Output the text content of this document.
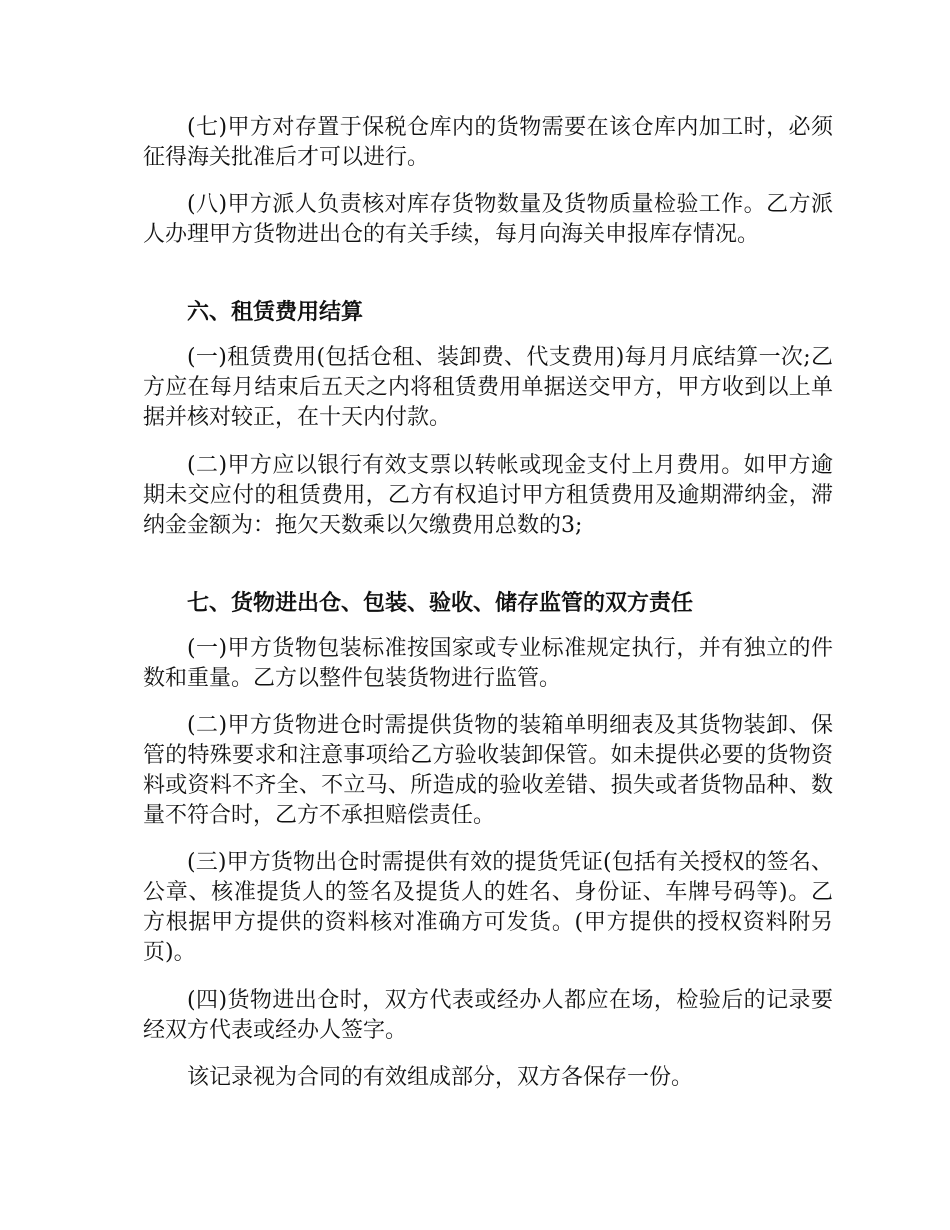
(七)甲方对存置于保税仓库内的货物需要在该仓库内加工时，必须征得海关批准后才可以进行。

(八)甲方派人负责核对库存货物数量及货物质量检验工作。乙方派人办理甲方货物进出仓的有关手续，每月向海关申报库存情况。

六、租赁费用结算

(一)租赁费用(包括仓租、装卸费、代支费用)每月月底结算一次;乙方应在每月结束后五天之内将租赁费用单据送交甲方，甲方收到以上单据并核对较正，在十天内付款。

(二)甲方应以银行有效支票以转帐或现金支付上月费用。如甲方逾期未交应付的租赁费用，乙方有权追讨甲方租赁费用及逾期滞纳金，滞纳金金额为：拖欠天数乘以欠缴费用总数的3;

七、货物进出仓、包装、验收、储存监管的双方责任

(一)甲方货物包装标准按国家或专业标准规定执行，并有独立的件数和重量。乙方以整件包装货物进行监管。

(二)甲方货物进仓时需提供货物的装箱单明细表及其货物装卸、保管的特殊要求和注意事项给乙方验收装卸保管。如未提供必要的货物资料或资料不齐全、不立马、所造成的验收差错、损失或者货物品种、数量不符合时，乙方不承担赔偿责任。

(三)甲方货物出仓时需提供有效的提货凭证(包括有关授权的签名、公章、核准提货人的签名及提货人的姓名、身份证、车牌号码等)。乙方根据甲方提供的资料核对准确方可发货。(甲方提供的授权资料附另页)。

(四)货物进出仓时，双方代表或经办人都应在场，检验后的记录要经双方代表或经办人签字。

该记录视为合同的有效组成部分，双方各保存一份。
